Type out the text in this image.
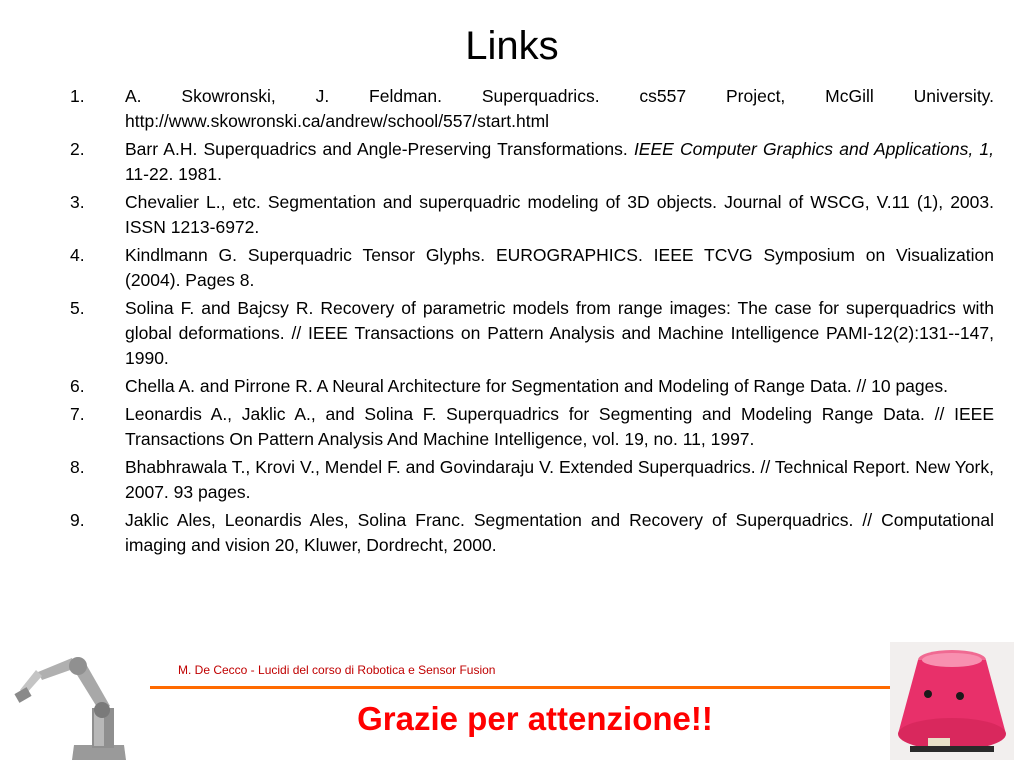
Links
1. A. Skowronski, J. Feldman. Superquadrics. cs557 Project, McGill University. http://www.skowronski.ca/andrew/school/557/start.html
2. Barr A.H. Superquadrics and Angle-Preserving Transformations. IEEE Computer Graphics and Applications, 1, 11-22. 1981.
3. Chevalier L., etc. Segmentation and superquadric modeling of 3D objects. Journal of WSCG, V.11 (1), 2003. ISSN 1213-6972.
4. Kindlmann G. Superquadric Tensor Glyphs. EUROGRAPHICS. IEEE TCVG Symposium on Visualization (2004). Pages 8.
5. Solina F. and Bajcsy R. Recovery of parametric models from range images: The case for superquadrics with global deformations. // IEEE Transactions on Pattern Analysis and Machine Intelligence PAMI-12(2):131--147, 1990.
6. Chella A. and Pirrone R. A Neural Architecture for Segmentation and Modeling of Range Data. // 10 pages.
7. Leonardis A., Jaklic A., and Solina F. Superquadrics for Segmenting and Modeling Range Data. // IEEE Transactions On Pattern Analysis And Machine Intelligence, vol. 19, no. 11, 1997.
8. Bhabhrawala T., Krovi V., Mendel F. and Govindaraju V. Extended Superquadrics. // Technical Report. New York, 2007. 93 pages.
9. Jaklic Ales, Leonardis Ales, Solina Franc. Segmentation and Recovery of Superquadrics. // Computational imaging and vision 20, Kluwer, Dordrecht, 2000.
M. De Cecco - Lucidi del corso di Robotica e Sensor Fusion
Grazie per attenzione!!
